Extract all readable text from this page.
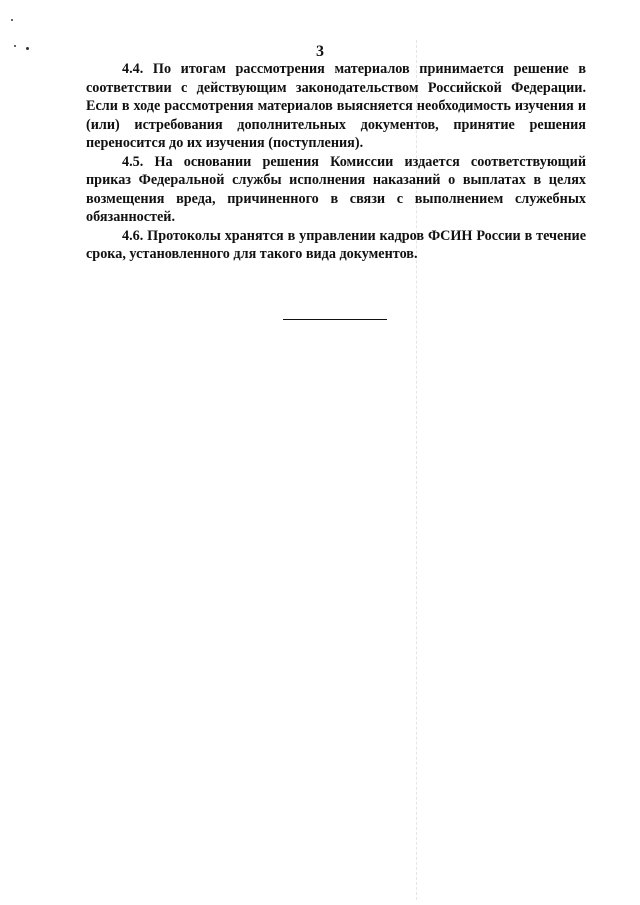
3

4.4. По итогам рассмотрения материалов принимается решение в соответствии с действующим законодательством Российской Федерации. Если в ходе рассмотрения материалов выясняется необходимость изучения и (или) истребования дополнительных документов, принятие решения переносится до их изучения (поступления).

4.5. На основании решения Комиссии издается соответствующий приказ Федеральной службы исполнения наказаний о выплатах в целях возмещения вреда, причиненного в связи с выполнением служебных обязанностей.

4.6. Протоколы хранятся в управлении кадров ФСИН России в течение срока, установленного для такого вида документов.
